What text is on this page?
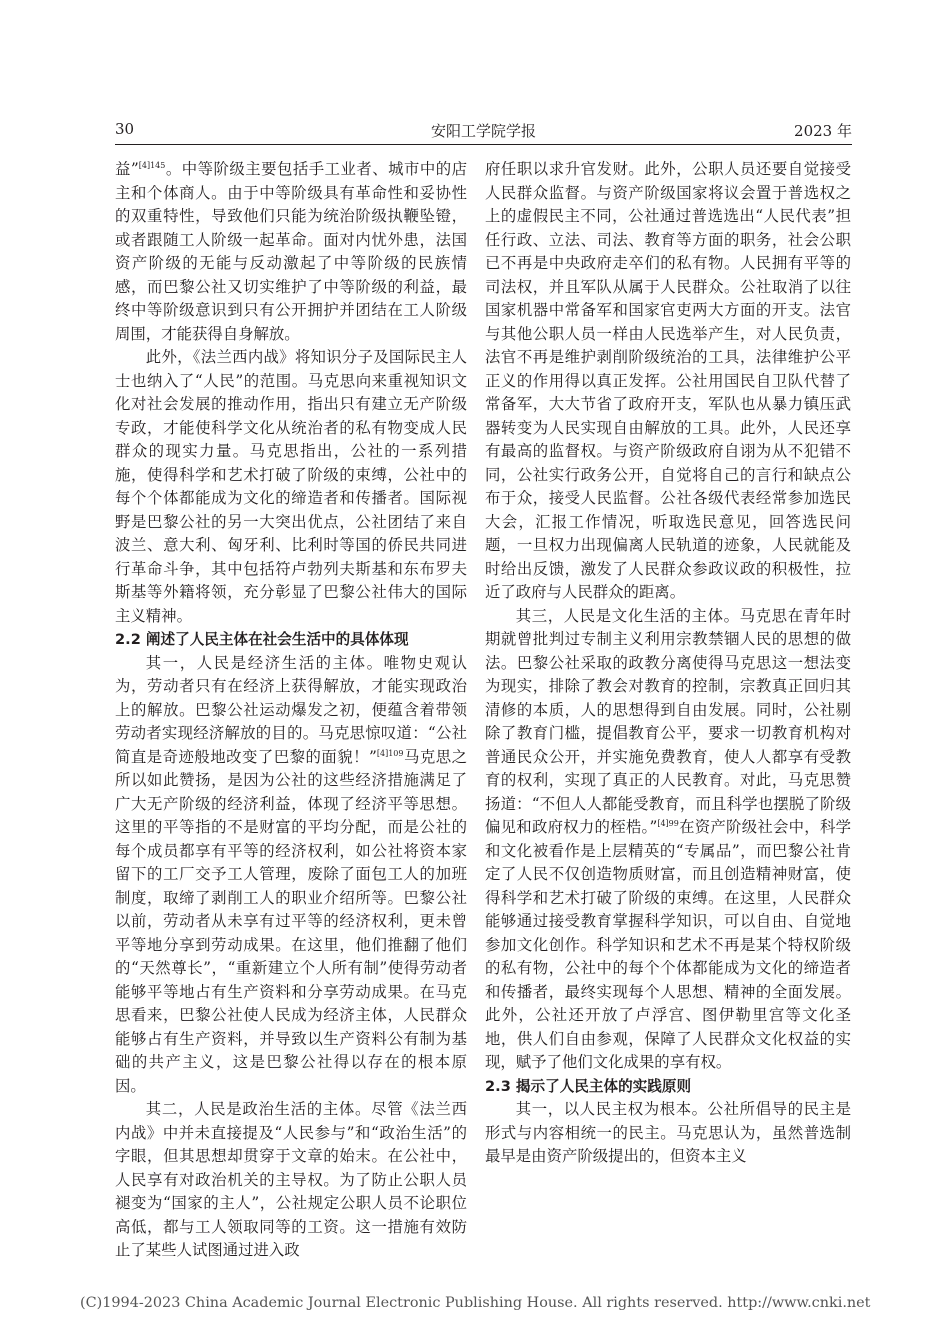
30	安阳工学院学报	2023 年

益”$^{[4]145}$。中等阶级主要包括手工业者、城市中的店主和个体商人。由于中等阶级具有革命性和妥协性的双重特性，导致他们只能为统治阶级执鞭坠镫，或者跟随工人阶级一起革命。面对内忧外患，法国资产阶级的无能与反动激起了中等阶级的民族情感，而巴黎公社又切实维护了中等阶级的利益，最终中等阶级意识到只有公开拥护并团结在工人阶级周围，才能获得自身解放。

此外，《法兰西内战》将知识分子及国际民主人士也纳入了“人民”的范围。马克思向来重视知识文化对社会发展的推动作用，指出只有建立无产阶级专政，才能使科学文化从统治者的私有物变成人民群众的现实力量。马克思指出，公社的一系列措施，使得科学和艺术打破了阶级的束缚，公社中的每个个体都能成为文化的缔造者和传播者。国际视野是巴黎公社的另一大突出优点，公社团结了来自波兰、意大利、匈牙利、比利时等国的侨民共同进行革命斗争，其中包括符卢勃列夫斯基和东布罗夫斯基等外籍将领，充分彰显了巴黎公社伟大的国际主义精神。

2.2 阐述了人民主体在社会生活中的具体体现

其一，人民是经济生活的主体。唯物史观认为，劳动者只有在经济上获得解放，才能实现政治上的解放。巴黎公社运动爆发之初，便蕴含着带领劳动者实现经济解放的目的。马克思惊叹道：“公社简直是奇迹般地改变了巴黎的面貌！”$^{[4]109}$马克思之所以如此赞扬，是因为公社的这些经济措施满足了广大无产阶级的经济利益，体现了经济平等思想。这里的平等指的不是财富的平均分配，而是公社的每个成员都享有平等的经济权利，如公社将资本家留下的工厂交予工人管理，废除了面包工人的加班制度，取缔了剥削工人的职业介绍所等。巴黎公社以前，劳动者从未享有过平等的经济权利，更未曾平等地分享到劳动成果。在这里，他们推翻了他们的“天然尊长”，“重新建立个人所有制”使得劳动者能够平等地占有生产资料和分享劳动成果。在马克思看来，巴黎公社使人民成为经济主体，人民群众能够占有生产资料，并导致以生产资料公有制为基础的共产主义，这是巴黎公社得以存在的根本原因。

其二，人民是政治生活的主体。尽管《法兰西内战》中并未直接提及“人民参与”和“政治生活”的字眼，但其思想却贯穿于文章的始末。在公社中，人民享有对政治机关的主导权。为了防止公职人员褪变为“国家的主人”，公社规定公职人员不论职位高低，都与工人领取同等的工资。这一措施有效防止了某些人试图通过进入政

府任职以求升官发财。此外，公职人员还要自觉接受人民群众监督。与资产阶级国家将议会置于普选权之上的虚假民主不同，公社通过普选选出“人民代表”担任行政、立法、司法、教育等方面的职务，社会公职已不再是中央政府走卒们的私有物。人民拥有平等的司法权，并且军队从属于人民群众。公社取消了以往国家机器中常备军和国家官吏两大方面的开支。法官与其他公职人员一样由人民选举产生，对人民负责，法官不再是维护剥削阶级统治的工具，法律维护公平正义的作用得以真正发挥。公社用国民自卫队代替了常备军，大大节省了政府开支，军队也从暴力镇压武器转变为人民实现自由解放的工具。此外，人民还享有最高的监督权。与资产阶级政府自诩为从不犯错不同，公社实行政务公开，自觉将自己的言行和缺点公布于众，接受人民监督。公社各级代表经常参加选民大会，汇报工作情况，听取选民意见，回答选民问题，一旦权力出现偏离人民轨道的迹象，人民就能及时给出反馈，激发了人民群众参政议政的积极性，拉近了政府与人民群众的距离。

其三，人民是文化生活的主体。马克思在青年时期就曾批判过专制主义利用宗教禁锢人民的思想的做法。巴黎公社采取的政教分离使得马克思这一想法变为现实，排除了教会对教育的控制，宗教真正回归其清修的本质，人的思想得到自由发展。同时，公社剔除了教育门槛，提倡教育公平，要求一切教育机构对普通民众公开，并实施免费教育，使人人都享有受教育的权利，实现了真正的人民教育。对此，马克思赞扬道：“不但人人都能受教育，而且科学也摆脱了阶级偏见和政府权力的桎梏。”$^{[4]99}$在资产阶级社会中，科学和文化被看作是上层精英的“专属品”，而巴黎公社肯定了人民不仅创造物质财富，而且创造精神财富，使得科学和艺术打破了阶级的束缚。在这里，人民群众能够通过接受教育掌握科学知识，可以自由、自觉地参加文化创作。科学知识和艺术不再是某个特权阶级的私有物，公社中的每个个体都能成为文化的缔造者和传播者，最终实现每个人思想、精神的全面发展。此外，公社还开放了卢浮宫、图伊勒里宫等文化圣地，供人们自由参观，保障了人民群众文化权益的实现，赋予了他们文化成果的享有权。

2.3 揭示了人民主体的实践原则

其一，以人民主权为根本。公社所倡导的民主是形式与内容相统一的民主。马克思认为，虽然普选制最早是由资产阶级提出的，但资本主义

(C)1994-2023 China Academic Journal Electronic Publishing House. All rights reserved. http://www.cnki.net
